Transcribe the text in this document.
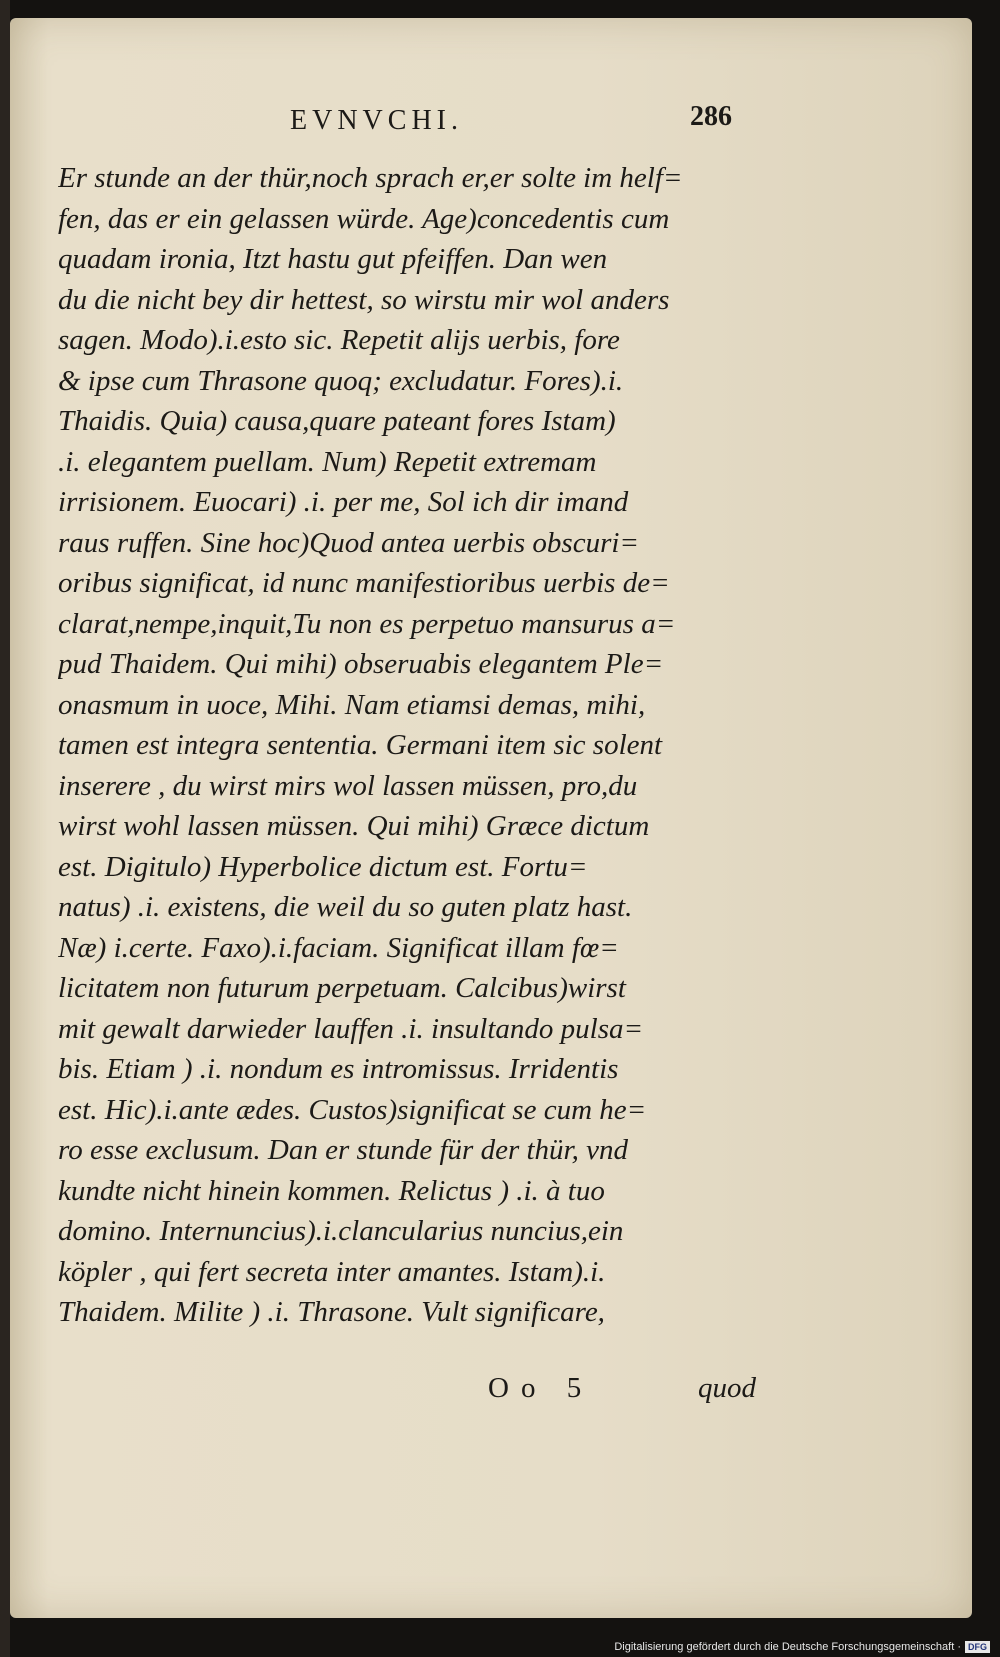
EVNVCHI.	286
Er stunde an der thür,noch sprach er,er solte im helf=
fen, das er ein gelassen würde. Age)concedentis cum
quadam ironia, Itzt hastu gut pfeiffen. Dan wen
du die nicht bey dir hettest, so wirstu mir wol anders
sagen. Modo).i.esto sic. Repetit alijs uerbis, fore
& ipse cum Thrasone quoq; excludatur. Fores).i.
Thaidis. Quia) causa,quare pateant fores Istam)
.i. elegantem puellam. Num) Repetit extremam
irrisionem. Euocari) .i. per me, Sol ich dir imand
raus ruffen. Sine hoc)Quod antea uerbis obscuri=
oribus significat, id nunc manifestioribus uerbis de=
clarat,nempe,inquit,Tu non es perpetuo mansurus a=
pud Thaidem. Qui mihi) obseruabis elegantem Ple=
onasmum in uoce, Mihi. Nam etiamsi demas, mihi,
tamen est integra sententia. Germani item sic solent
inserere , du wirst mirs wol lassen müssen, pro,du
wirst wohl lassen müssen. Qui mihi) Græce dictum
est. Digitulo) Hyperbolice dictum est. Fortu=
natus) .i. existens, die weil du so guten platz hast.
Næ) i.certe. Faxo).i.faciam. Significat illam fœ=
licitatem non futurum perpetuam. Calcibus)wirst
mit gewalt darwieder lauffen .i. insultando pulsa=
bis. Etiam ) .i. nondum es intromissus. Irridentis
est. Hic).i.ante ædes. Custos)significat se cum he=
ro esse exclusum. Dan er stunde für der thür, vnd
kundte nicht hinein kommen. Relictus ) .i. à tuo
domino. Internuncius).i.clancularius nuncius,ein
köpler , qui fert secreta inter amantes. Istam).i.
Thaidem. Milite ) .i. Thrasone. Vult significare,
Oo 5	quod
Digitalisierung gefördert durch die Deutsche Forschungsgemeinschaft · DFG
